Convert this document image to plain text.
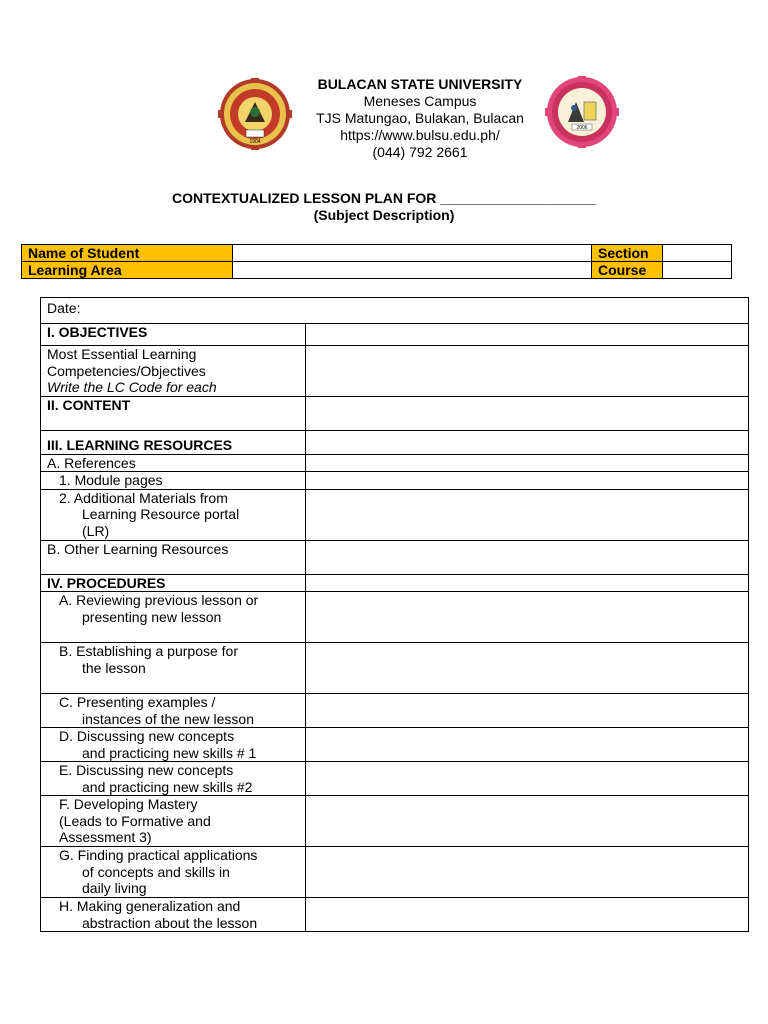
1904
2006
BULACAN STATE UNIVERSITY
Meneses Campus
TJS Matungao, Bulakan, Bulacan
https://www.bulsu.edu.ph/
(044) 792 2661
CONTEXTUALIZED LESSON PLAN FOR ____________________
(Subject Description)
Name of Student		Section	
Learning Area		Course	
Date:	
I. OBJECTIVES	

Most Essential Learning
Competencies/Objectives
Write the LC Code for each	

II. CONTENT	
III. LEARNING RESOURCES	
A. References	
1. Module pages	

2. Additional Materials from
Learning Resource portal
(LR)	

B. Other Learning Resources	
IV. PROCEDURES	

A. Reviewing previous lesson or
presenting new lesson	

B. Establishing a purpose for
the lesson	

C. Presenting examples /
instances of the new lesson	

D. Discussing new concepts
and practicing new skills # 1	

E. Discussing new concepts
and practicing new skills #2	

F. Developing Mastery
(Leads to Formative and
Assessment 3)	

G. Finding practical applications
of concepts and skills in
daily living	

H. Making generalization and
abstraction about the lesson	
